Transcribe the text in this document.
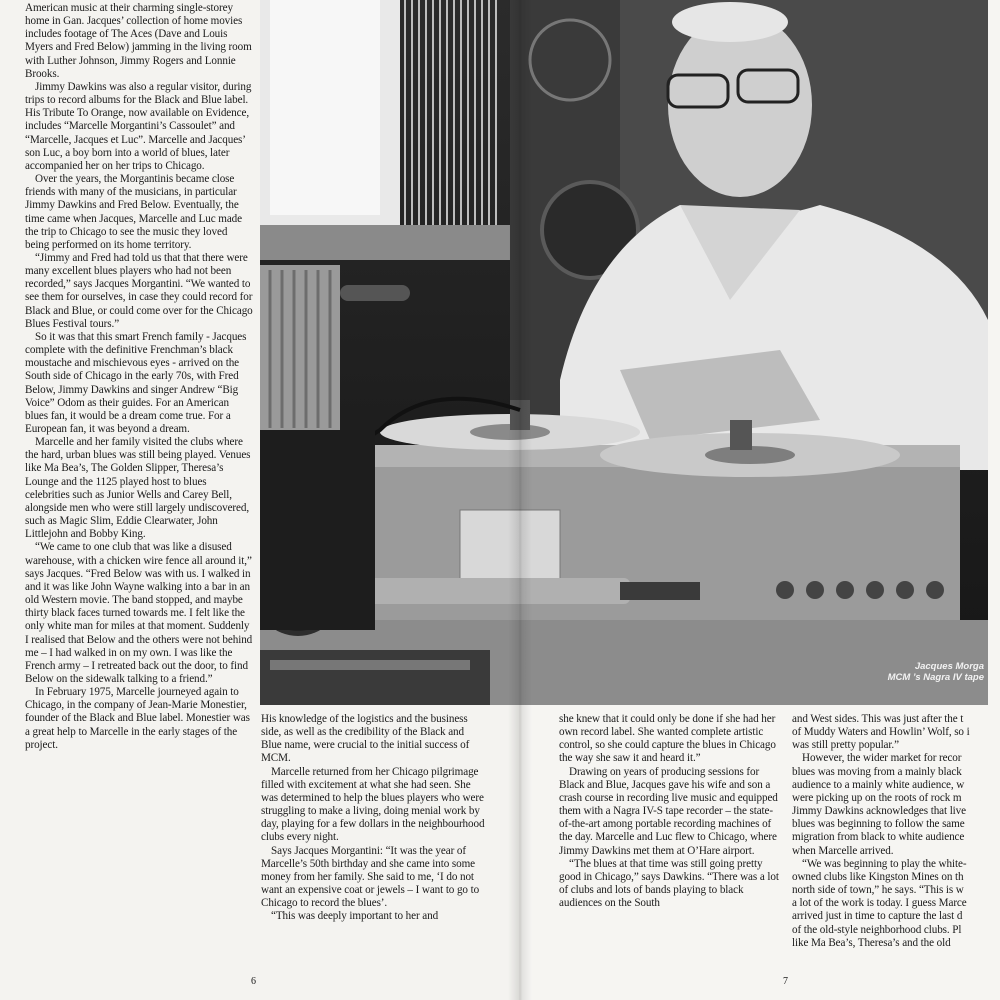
American music at their charming single-storey home in Gan. Jacques’ collection of home movies includes footage of The Aces (Dave and Louis Myers and Fred Below) jamming in the living room with Luther Johnson, Jimmy Rogers and Lonnie Brooks.

Jimmy Dawkins was also a regular visitor, during trips to record albums for the Black and Blue label. His Tribute To Orange, now available on Evidence, includes “Marcelle Morgantini’s Cassoulet” and “Marcelle, Jacques et Luc”. Marcelle and Jacques’ son Luc, a boy born into a world of blues, later accompanied her on her trips to Chicago.

Over the years, the Morgantinis became close friends with many of the musicians, in particular Jimmy Dawkins and Fred Below. Eventually, the time came when Jacques, Marcelle and Luc made the trip to Chicago to see the music they loved being performed on its home territory.

“Jimmy and Fred had told us that that there were many excellent blues players who had not been recorded,” says Jacques Morgantini. “We wanted to see them for ourselves, in case they could record for Black and Blue, or could come over for the Chicago Blues Festival tours.”

So it was that this smart French family - Jacques complete with the definitive Frenchman’s black moustache and mischievous eyes - arrived on the South side of Chicago in the early 70s, with Fred Below, Jimmy Dawkins and singer Andrew “Big Voice” Odom as their guides. For an American blues fan, it would be a dream come true. For a European fan, it was beyond a dream.

Marcelle and her family visited the clubs where the hard, urban blues was still being played. Venues like Ma Bea’s, The Golden Slipper, Theresa’s Lounge and the 1125 played host to blues celebrities such as Junior Wells and Carey Bell, alongside men who were still largely undiscovered, such as Magic Slim, Eddie Clearwater, John Littlejohn and Bobby King.

“We came to one club that was like a disused warehouse, with a chicken wire fence all around it,” says Jacques. “Fred Below was with us. I walked in and it was like John Wayne walking into a bar in an old Western movie. The band stopped, and maybe thirty black faces turned towards me. I felt like the only white man for miles at that moment. Suddenly I realised that Below and the others were not behind me – I had walked in on my own. I was like the French army – I retreated back out the door, to find Below on the sidewalk talking to a friend.”

In February 1975, Marcelle journeyed again to Chicago, in the company of Jean-Marie Monestier, founder of the Black and Blue label. Monestier was a great help to Marcelle in the early stages of the project.

Jacques Morga
MCM ’s Nagra IV tape

His knowledge of the logistics and the business side, as well as the credibility of the Black and Blue name, were crucial to the initial success of MCM.

Marcelle returned from her Chicago pilgrimage filled with excitement at what she had seen. She was determined to help the blues players who were struggling to make a living, doing menial work by day, playing for a few dollars in the neighbourhood clubs every night.

Says Jacques Morgantini: “It was the year of Marcelle’s 50th birthday and she came into some money from her family. She said to me, ‘I do not want an expensive coat or jewels – I want to go to Chicago to record the blues’.

“This was deeply important to her and

she knew that it could only be done if she had her own record label. She wanted complete artistic control, so she could capture the blues in Chicago the way she saw it and heard it.”

Drawing on years of producing sessions for Black and Blue, Jacques gave his wife and son a crash course in recording live music and equipped them with a Nagra IV-S tape recorder – the state-of-the-art among portable recording machines of the day. Marcelle and Luc flew to Chicago, where Jimmy Dawkins met them at O’Hare airport.

“The blues at that time was still going pretty good in Chicago,” says Dawkins. “There was a lot of clubs and lots of bands playing to black audiences on the South

and West sides. This was just after the t

of Muddy Waters and Howlin’ Wolf, so i

was still pretty popular.”

However, the wider market for recor

blues was moving from a mainly black

audience to a mainly white audience, w

were picking up on the roots of rock m

Jimmy Dawkins acknowledges that live

blues was beginning to follow the same

migration from black to white audience

when Marcelle arrived.

“We was beginning to play the white-

owned clubs like Kingston Mines on th

north side of town,” he says. “This is w

a lot of the work is today. I guess Marce

arrived just in time to capture the last d

of the old-style neighborhood clubs. Pl

like Ma Bea’s, Theresa’s and the old

6	7
